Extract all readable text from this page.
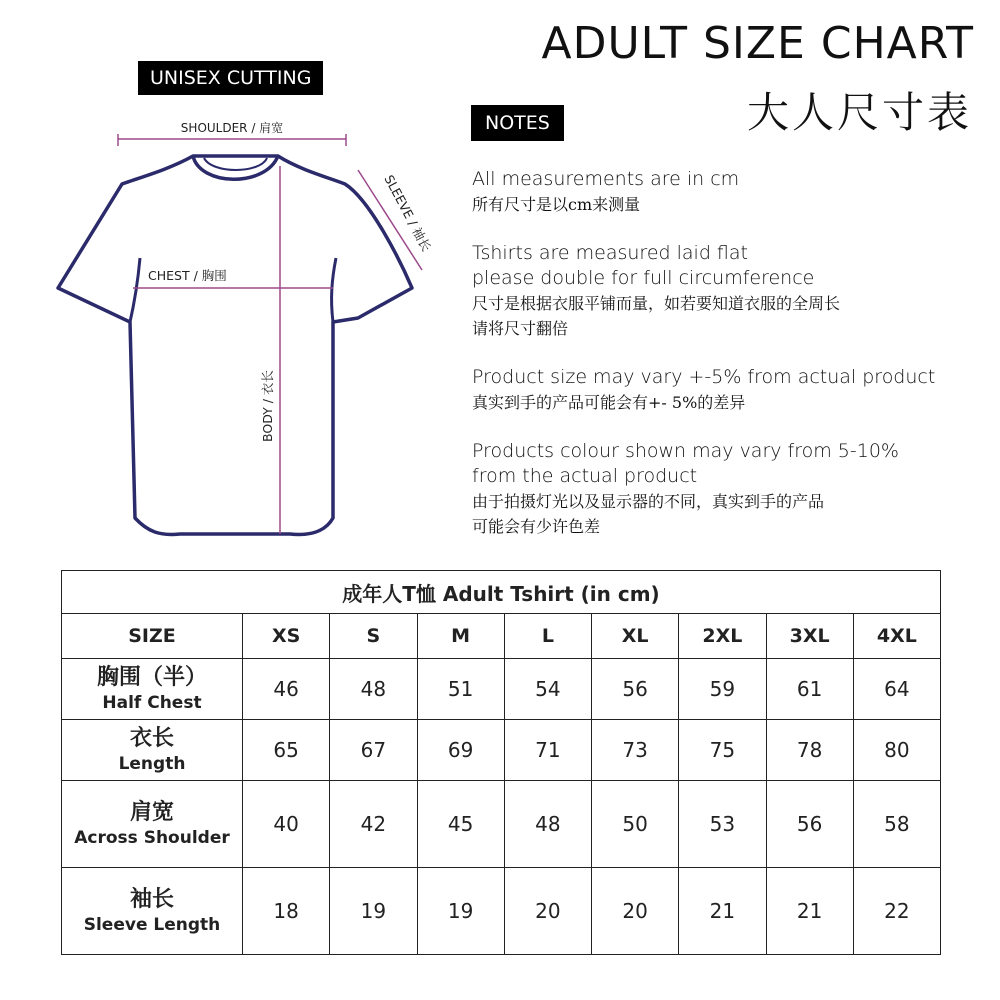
ADULT SIZE CHART
大人尺寸表
UNISEX CUTTING
NOTES
SHOULDER / 肩宽
CHEST / 胸围
BODY / 衣长
SLEEVE / 袖长 All measurements are in cm
所有尺寸是以cm来测量
Tshirts are measured laid flat
please double for full circumference
尺寸是根据衣服平铺而量，如若要知道衣服的全周长
请将尺寸翻倍
Product size may vary +-5% from actual product
真实到手的产品可能会有+- 5%的差异
Products colour shown may vary from 5-10%
from the actual product
由于拍摄灯光以及显示器的不同，真实到手的产品
可能会有少许色差
成年人T恤 Adult Tshirt (in cm)								
SIZE	XS	S	M	L	XL	2XL	3XL	4XL

胸围（半）
Half Chest	46	48	51	54	56	59	61	64

衣长
Length	65	67	69	71	73	75	78	80

肩宽
Across Shoulder	40	42	45	48	50	53	56	58

袖长
Sleeve Length	18	19	19	20	20	21	21	22
